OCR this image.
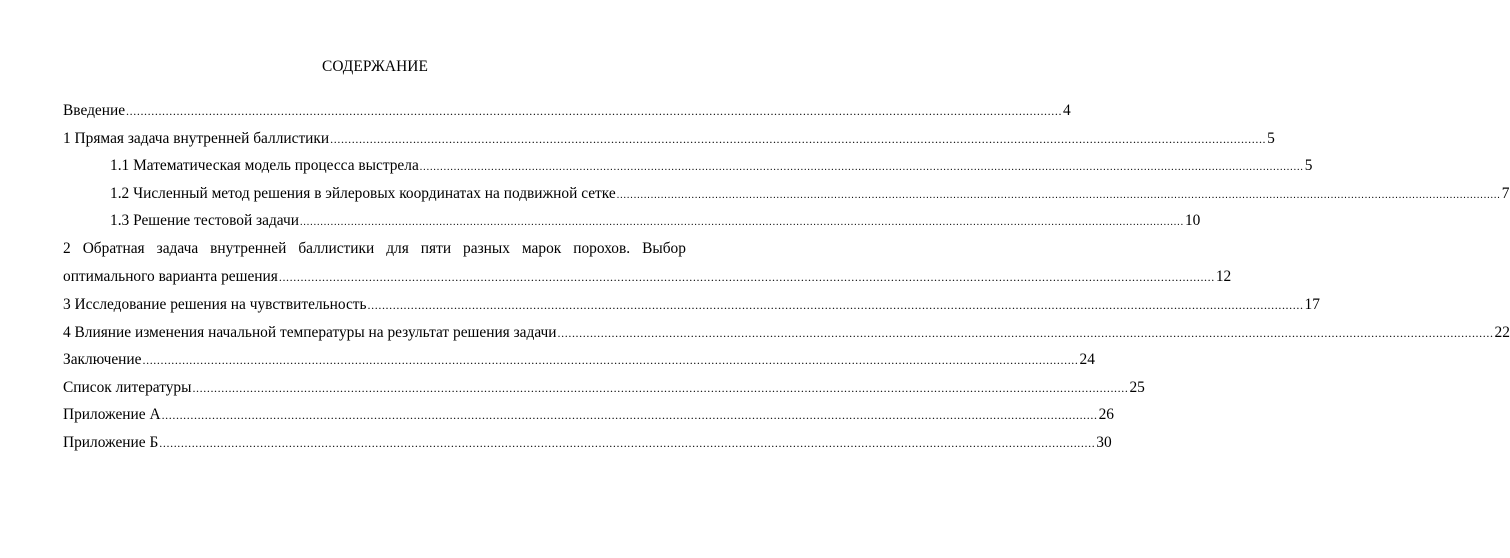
СОДЕРЖАНИЕ
Введение .................................................................................................................................................................................................................................................................... 4
1 Прямая задача внутренней баллистики .................................................................................................................................................................................................................................................................... 5
1.1 Математическая модель процесса выстрела .................................................................................................................................................................................................................................................................... 5
1.2 Численный метод решения в эйлеровых координатах на подвижной сетке .................................................................................................................................................................................................................................................................... 7
1.3 Решение тестовой задачи .................................................................................................................................................................................................................................................................... 10
2 Обратная задача внутренней баллистики для пяти разных марок порохов. Выбор
оптимального варианта решения .................................................................................................................................................................................................................................................................... 12
3 Исследование решения на чувствительность .................................................................................................................................................................................................................................................................... 17
4 Влияние изменения начальной температуры на результат решения задачи .................................................................................................................................................................................................................................................................... 22
Заключение .................................................................................................................................................................................................................................................................... 24
Список литературы .................................................................................................................................................................................................................................................................... 25
Приложение А .................................................................................................................................................................................................................................................................... 26
Приложение Б .................................................................................................................................................................................................................................................................... 30
